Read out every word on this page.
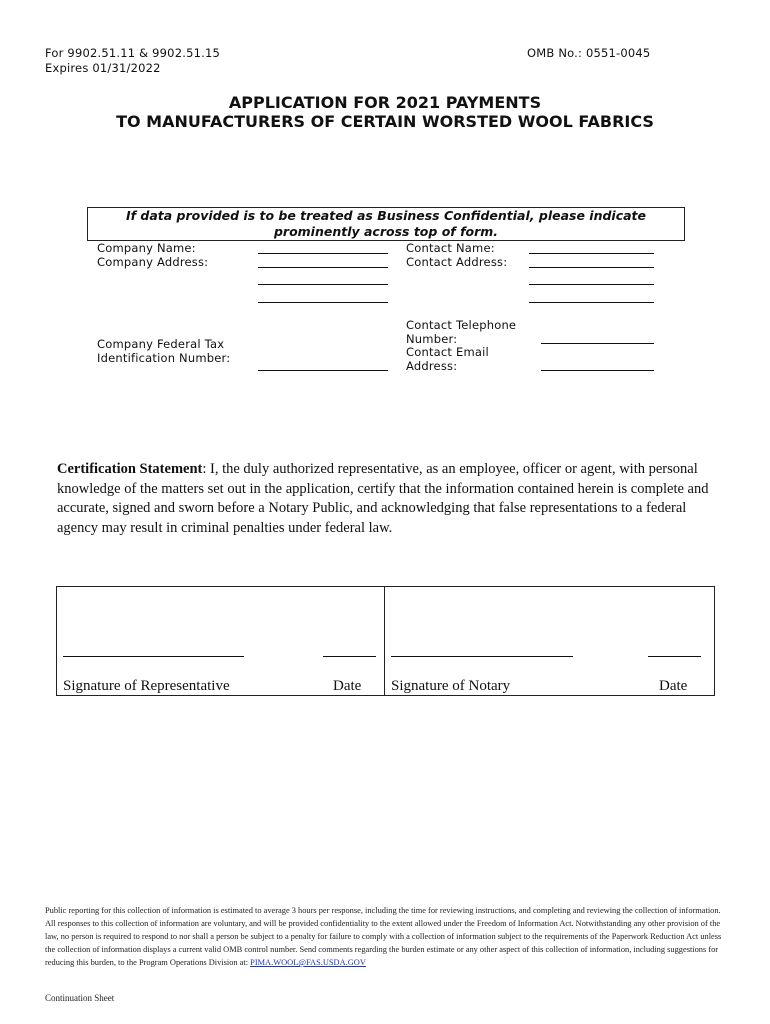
For 9902.51.11 & 9902.51.15
Expires 01/31/2022
OMB No.: 0551-0045
APPLICATION FOR 2021 PAYMENTS
TO MANUFACTURERS OF CERTAIN WORSTED WOOL FABRICS
If data provided is to be treated as Business Confidential, please indicate
prominently across top of form.
Company Name:
Company Address:
Company Federal Tax
Identification Number:
Contact Name:
Contact Address:
Contact Telephone
Number:
Contact Email
Address:
Certification Statement: I, the duly authorized representative, as an employee, officer or agent, with personal knowledge of the matters set out in the application, certify that the information contained herein is complete and accurate, signed and sworn before a Notary Public, and acknowledging that false representations to a federal agency may result in criminal penalties under federal law.
Signature of Representative	Date Signature of Notary	Date
Public reporting for this collection of information is estimated to average 3 hours per response, including the time for reviewing instructions, and completing and reviewing the collection of information. All responses to this collection of information are voluntary, and will be provided confidentiality to the extent allowed under the Freedom of Information Act. Notwithstanding any other provision of the law, no person is required to respond to nor shall a person be subject to a penalty for failure to comply with a collection of information subject to the requirements of the Paperwork Reduction Act unless the collection of information displays a current valid OMB control number. Send comments regarding the burden estimate or any other aspect of this collection of information, including suggestions for reducing this burden, to the Program Operations Division at: PIMA.WOOL@FAS.USDA.GOV
Continuation Sheet
